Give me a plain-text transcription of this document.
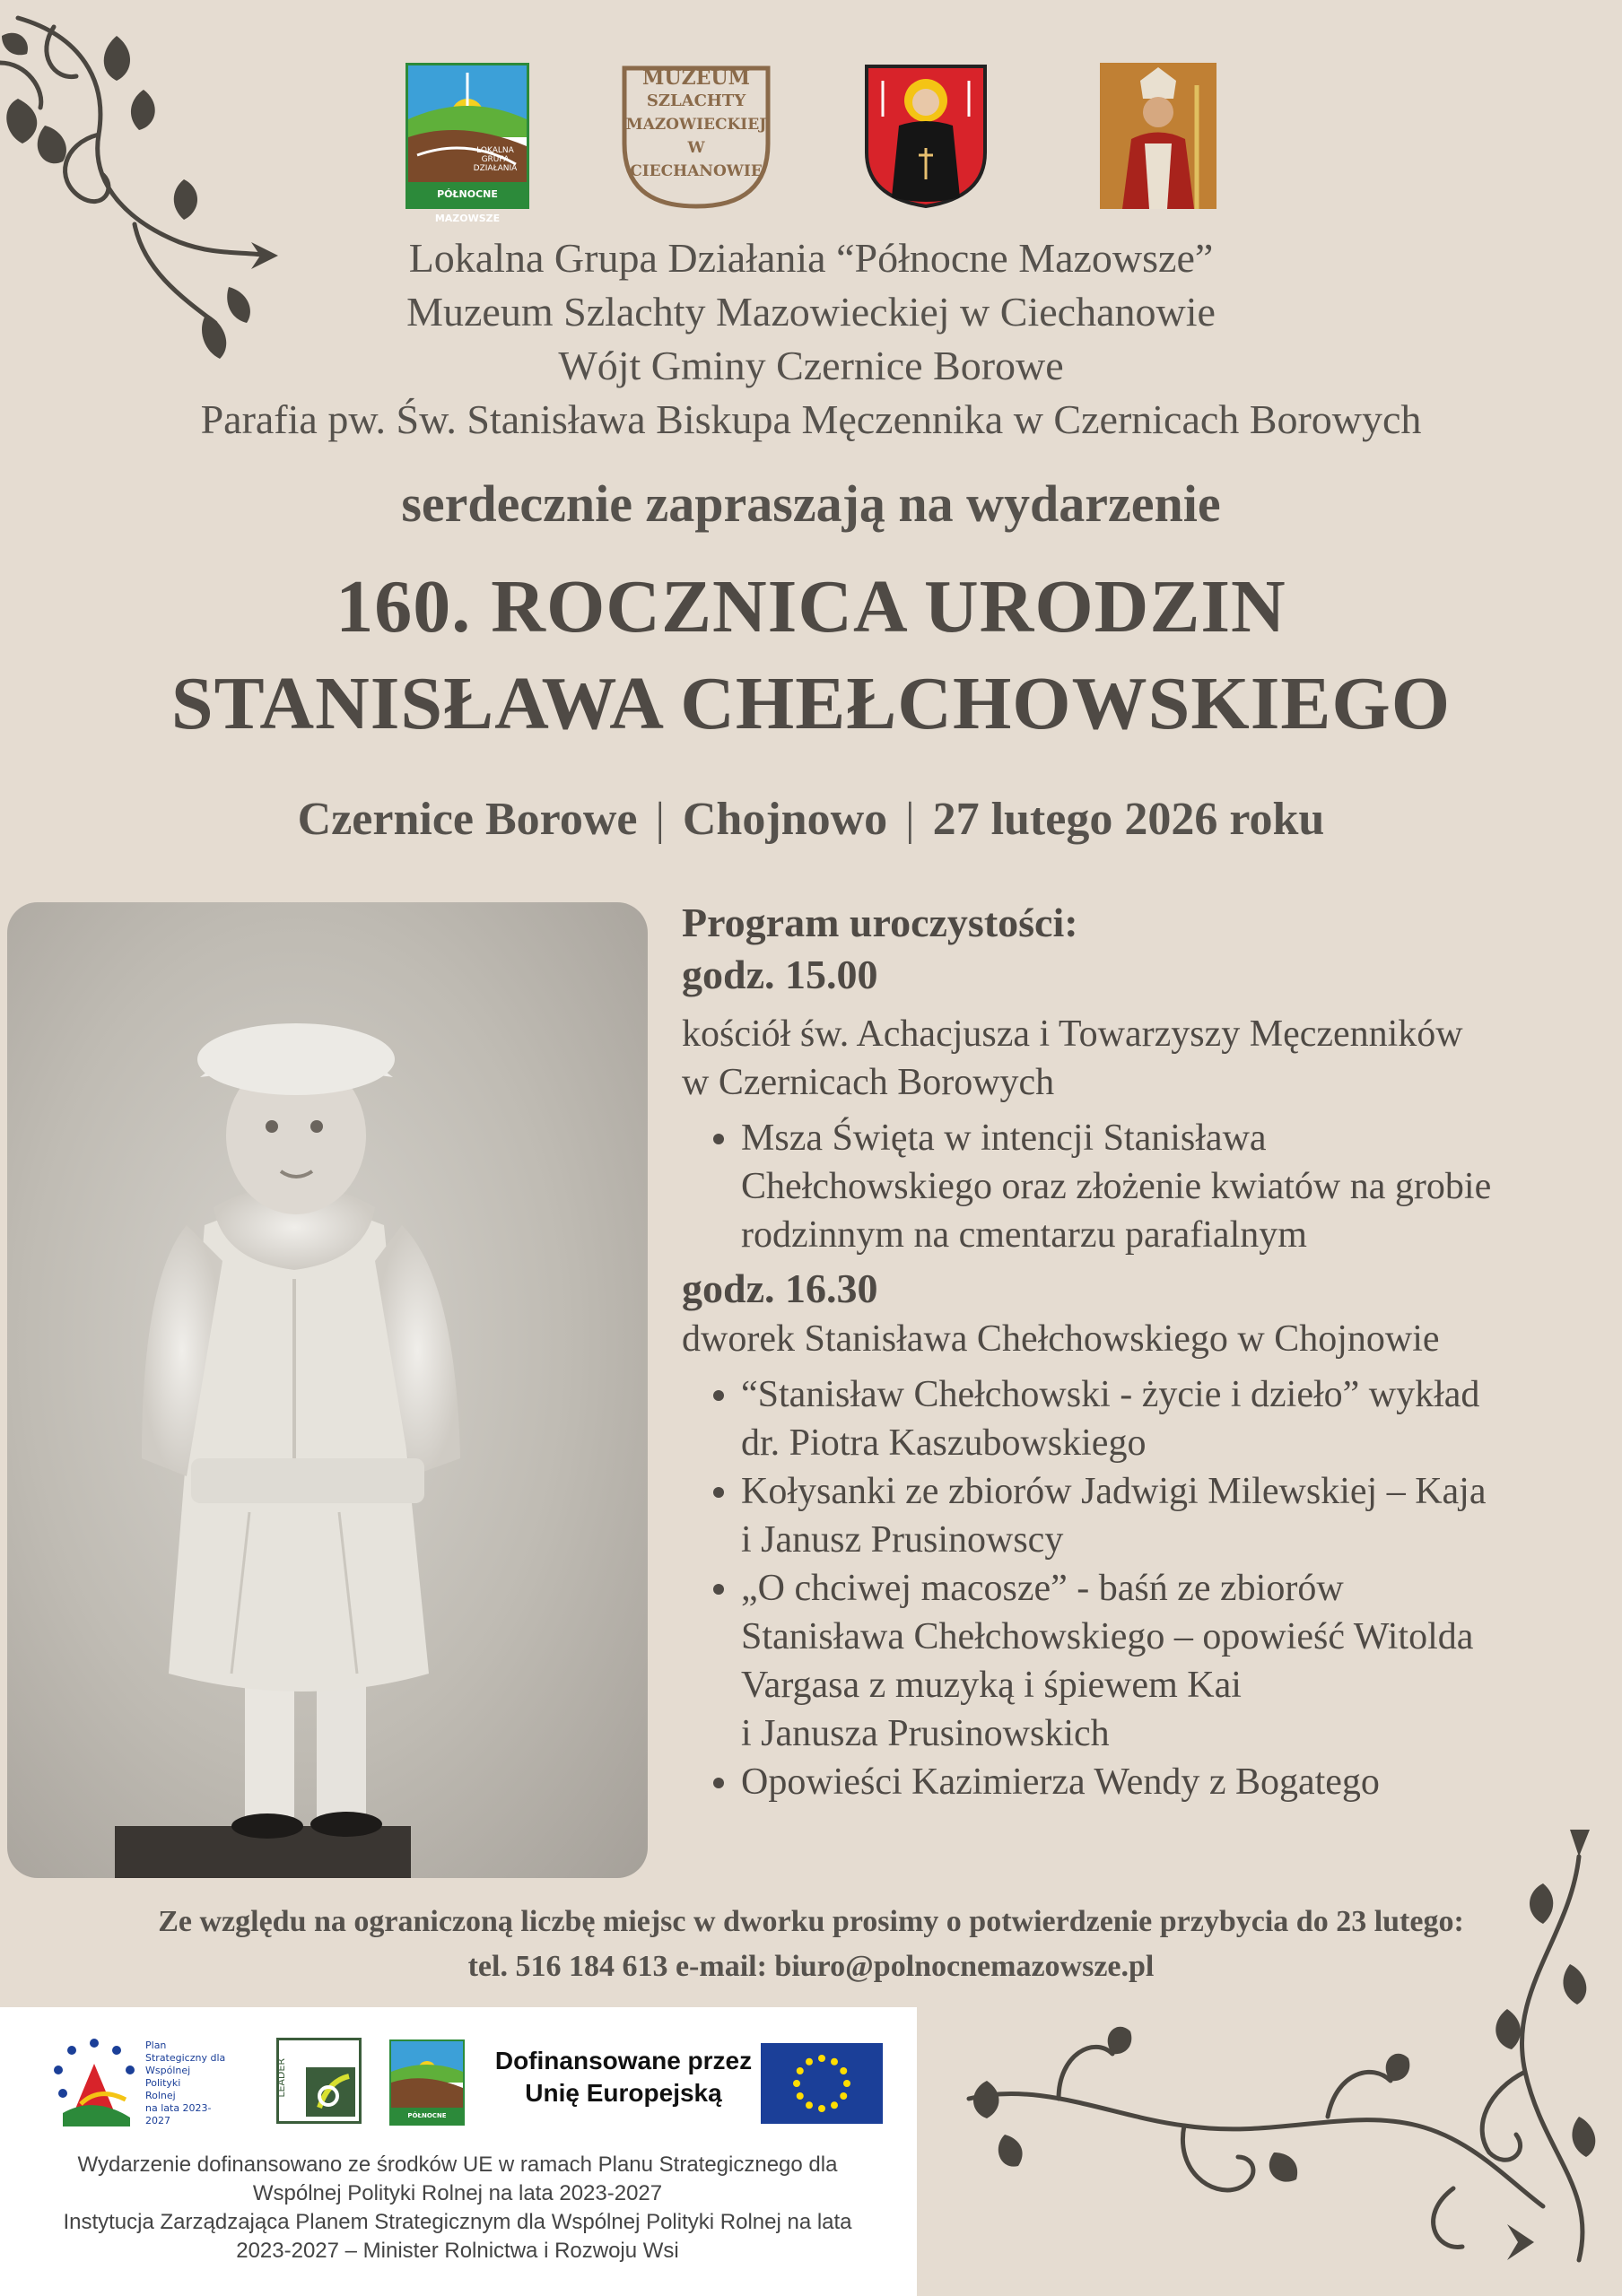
LOKALNA
GRUPA
DZIAŁANIA
PÓŁNOCNE MAZOWSZE
MUZEUM
SZLACHTY
MAZOWIECKIEJ
W
CIECHANOWIE
Lokalna Grupa Działania “Północne Mazowsze”
Muzeum Szlachty Mazowieckiej w Ciechanowie
Wójt Gminy Czernice Borowe
Parafia pw. Św. Stanisława Biskupa Męczennika w Czernicach Borowych
serdecznie zapraszają na wydarzenie
160. ROCZNICA URODZIN
STANISŁAWA CHEŁCHOWSKIEGO
Czernice Borowe | Chojnowo | 27 lutego 2026 roku
Program uroczystości:
godz. 15.00

kościół św. Achacjusza i Towarzyszy Męczenników

w Czernicach Borowych

• Msza Święta w intencji Stanisława
Chełchowskiego oraz złożenie kwiatów na grobie
rodzinnym na cmentarzu parafialnym
godz. 16.30

dworek Stanisława Chełchowskiego w Chojnowie

• “Stanisław Chełchowski - życie i dzieło” wykład
dr. Piotra Kaszubowskiego
• Kołysanki ze zbiorów Jadwigi Milewskiej – Kaja
i Janusz Prusinowscy
• „O chciwej macosze” - baśń ze zbiorów
Stanisława Chełchowskiego – opowieść Witolda
Vargasa z muzyką i śpiewem Kai
i Janusza Prusinowskich
• Opowieści Kazimierza Wendy z Bogatego
Ze względu na ograniczoną liczbę miejsc w dworku prosimy o potwierdzenie przybycia do 23 lutego:
tel. 516 184 613 e-mail: biuro@polnocnemazowsze.pl
Plan
Strategiczny dla
Wspólnej
Polityki
Rolnej
na lata 2023-2027
LEADER
PÓŁNOCNE MAZOWSZE
Dofinansowane przez
Unię Europejską
Wydarzenie dofinansowano ze środków UE w ramach Planu Strategicznego dla
Wspólnej Polityki Rolnej na lata 2023-2027
Instytucja Zarządzająca Planem Strategicznym dla Wspólnej Polityki Rolnej na lata
2023-2027 – Minister Rolnictwa i Rozwoju Wsi
